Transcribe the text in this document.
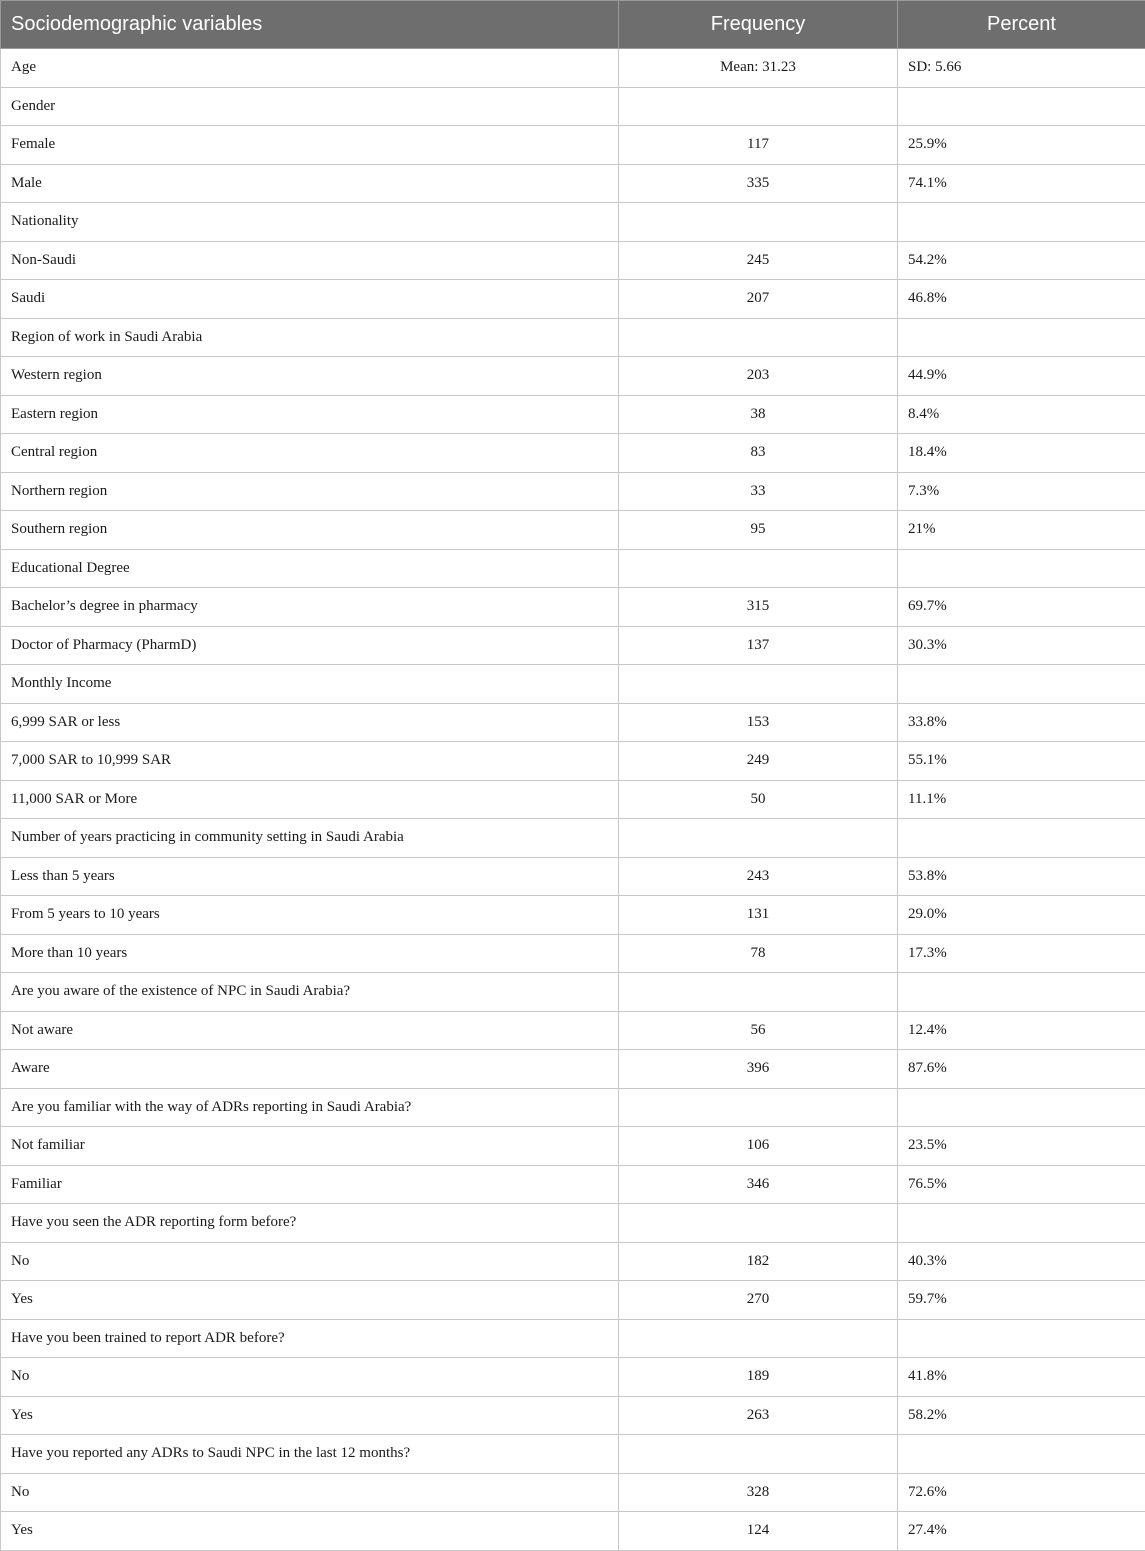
Sociodemographic variables	Frequency	Percent
Age	Mean: 31.23	SD: 5.66
Gender		
Female	117	25.9%
Male	335	74.1%
Nationality		
Non-Saudi	245	54.2%
Saudi	207	46.8%
Region of work in Saudi Arabia		
Western region	203	44.9%
Eastern region	38	8.4%
Central region	83	18.4%
Northern region	33	7.3%
Southern region	95	21%
Educational Degree		
Bachelor’s degree in pharmacy	315	69.7%
Doctor of Pharmacy (PharmD)	137	30.3%
Monthly Income		
6,999 SAR or less	153	33.8%
7,000 SAR to 10,999 SAR	249	55.1%
11,000 SAR or More	50	11.1%
Number of years practicing in community setting in Saudi Arabia		
Less than 5 years	243	53.8%
From 5 years to 10 years	131	29.0%
More than 10 years	78	17.3%
Are you aware of the existence of NPC in Saudi Arabia?		
Not aware	56	12.4%
Aware	396	87.6%
Are you familiar with the way of ADRs reporting in Saudi Arabia?		
Not familiar	106	23.5%
Familiar	346	76.5%
Have you seen the ADR reporting form before?		
No	182	40.3%
Yes	270	59.7%
Have you been trained to report ADR before?		
No	189	41.8%
Yes	263	58.2%
Have you reported any ADRs to Saudi NPC in the last 12 months?		
No	328	72.6%
Yes	124	27.4%
